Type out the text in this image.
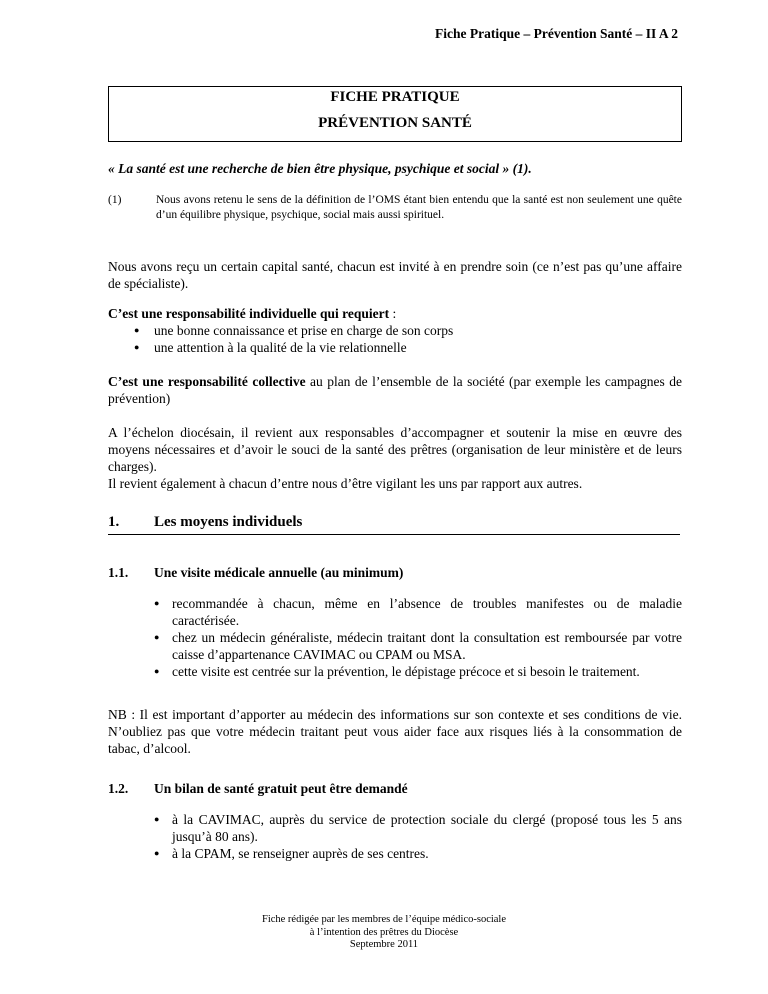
Fiche Pratique – Prévention Santé – II A 2
FICHE PRATIQUE
PRÉVENTION SANTÉ
« La santé est une recherche de bien être physique, psychique et social » (1).
(1)	Nous avons retenu le sens de la définition de l’OMS étant bien entendu que la santé est non seulement une quête d’un équilibre physique, psychique, social mais aussi spirituel.
Nous avons reçu un certain capital santé, chacun est invité à en prendre soin (ce n’est pas qu’une affaire de spécialiste).

C’est une responsabilité individuelle qui requiert :

● une bonne connaissance et prise en charge de son corps
● une attention à la qualité de la vie relationnelle

C’est une responsabilité collective au plan de l’ensemble de la société (par exemple les campagnes de prévention)

A l’échelon diocésain, il revient aux responsables d’accompagner et soutenir la mise en œuvre des moyens nécessaires et d’avoir le souci de la santé des prêtres (organisation de leur ministère et de leurs charges).

Il revient également à chacun d’entre nous d’être vigilant les uns par rapport aux autres.

1. Les moyens individuels
1.1. Une visite médicale annuelle (au minimum)
● recommandée à chacun, même en l’absence de troubles manifestes ou de maladie caractérisée.
● chez un médecin généraliste, médecin traitant dont la consultation est remboursée par votre caisse d’appartenance CAVIMAC ou CPAM ou MSA.
● cette visite est centrée sur la prévention, le dépistage précoce et si besoin le traitement.
NB : Il est important d’apporter au médecin des informations sur son contexte et ses conditions de vie. N’oubliez pas que votre médecin traitant peut vous aider face aux risques liés à la consommation de tabac, d’alcool.
1.2. Un bilan de santé gratuit peut être demandé
● à la CAVIMAC, auprès du service de protection sociale du clergé (proposé tous les 5 ans jusqu’à 80 ans).
● à la CPAM, se renseigner auprès de ses centres.
Fiche rédigée par les membres de l’équipe médico-sociale
à l’intention des prêtres du Diocèse
Septembre 2011
